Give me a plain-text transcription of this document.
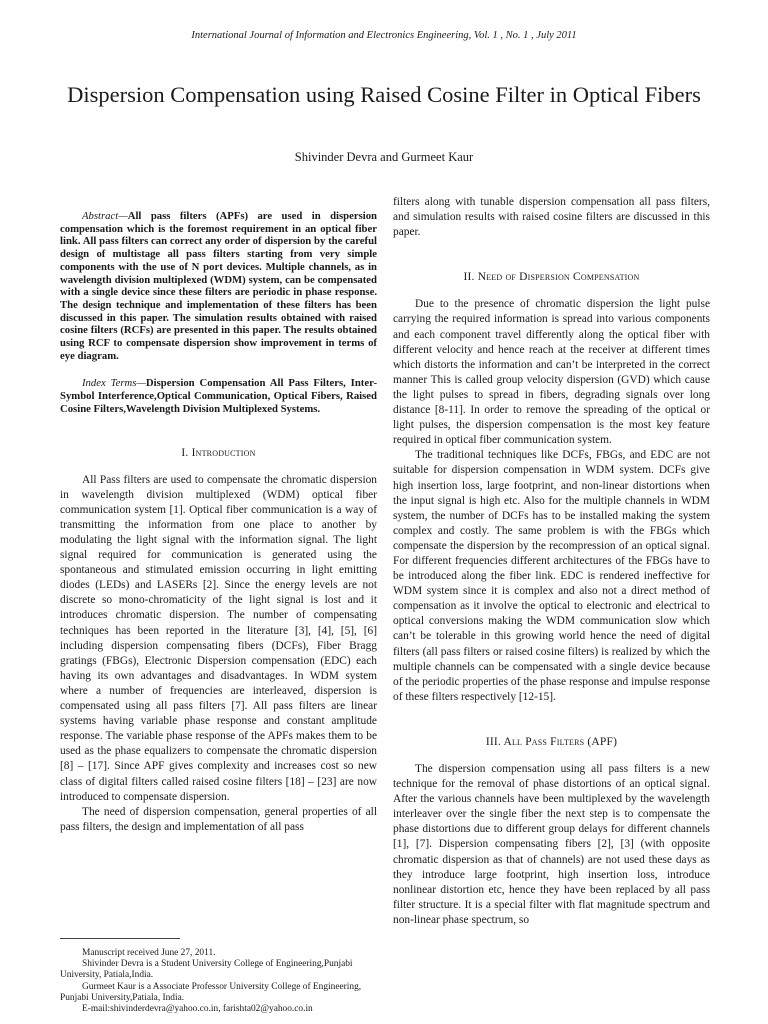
International Journal of Information and Electronics Engineering, Vol. 1 , No. 1 , July 2011
Dispersion Compensation using Raised Cosine Filter in Optical Fibers
Shivinder Devra and Gurmeet Kaur

Abstract—All pass filters (APFs) are used in dispersion compensation which is the foremost requirement in an optical fiber link. All pass filters can correct any order of dispersion by the careful design of multistage all pass filters starting from very simple components with the use of N port devices. Multiple channels, as in wavelength division multiplexed (WDM) system, can be compensated with a single device since these filters are periodic in phase response. The design technique and implementation of these filters has been discussed in this paper. The simulation results obtained with raised cosine filters (RCFs) are presented in this paper. The results obtained using RCF to compensate dispersion show improvement in terms of eye diagram.

Index Terms—Dispersion Compensation All Pass Filters, Inter-Symbol Interference,Optical Communication, Optical Fibers, Raised Cosine Filters,Wavelength Division Multiplexed Systems.

I. Introduction

All Pass filters are used to compensate the chromatic dispersion in wavelength division multiplexed (WDM) optical fiber communication system [1]. Optical fiber communication is a way of transmitting the information from one place to another by modulating the light signal with the information signal. The light signal required for communication is generated using the spontaneous and stimulated emission occurring in light emitting diodes (LEDs) and LASERs [2]. Since the energy levels are not discrete so mono-chromaticity of the light signal is lost and it introduces chromatic dispersion. The number of compensating techniques has been reported in the literature [3], [4], [5], [6] including dispersion compensating fibers (DCFs), Fiber Bragg gratings (FBGs), Electronic Dispersion compensation (EDC) each having its own advantages and disadvantages. In WDM system where a number of frequencies are interleaved, dispersion is compensated using all pass filters [7]. All pass filters are linear systems having variable phase response and constant amplitude response. The variable phase response of the APFs makes them to be used as the phase equalizers to compensate the chromatic dispersion [8] – [17]. Since APF gives complexity and increases cost so new class of digital filters called raised cosine filters [18] – [23] are now introduced to compensate dispersion.

The need of dispersion compensation, general properties of all pass filters, the design and implementation of all pass

Manuscript received June 27, 2011.

Shivinder Devra is a Student University College of Engineering,Punjabi University, Patiala,India.

Gurmeet Kaur is a Associate Professor University College of Engineering, Punjabi University,Patiala, India.

E-mail:shivinderdevra@yahoo.co.in, farishta02@yahoo.co.in

filters along with tunable dispersion compensation all pass filters, and simulation results with raised cosine filters are discussed in this paper.

II. Need of Dispersion Compensation

Due to the presence of chromatic dispersion the light pulse carrying the required information is spread into various components and each component travel differently along the optical fiber with different velocity and hence reach at the receiver at different times which distorts the information and can’t be interpreted in the correct manner This is called group velocity dispersion (GVD) which cause the light pulses to spread in fibers, degrading signals over long distance [8-11]. In order to remove the spreading of the optical or light pulses, the dispersion compensation is the most key feature required in optical fiber communication system.

The traditional techniques like DCFs, FBGs, and EDC are not suitable for dispersion compensation in WDM system. DCFs give high insertion loss, large footprint, and non-linear distortions when the input signal is high etc. Also for the multiple channels in WDM system, the number of DCFs has to be installed making the system complex and costly. The same problem is with the FBGs which compensate the dispersion by the recompression of an optical signal. For different frequencies different architectures of the FBGs have to be introduced along the fiber link. EDC is rendered ineffective for WDM system since it is complex and also not a direct method of compensation as it involve the optical to electronic and electrical to optical conversions making the WDM communication slow which can’t be tolerable in this growing world hence the need of digital filters (all pass filters or raised cosine filters) is realized by which the multiple channels can be compensated with a single device because of the periodic properties of the phase response and impulse response of these filters respectively [12-15].

III. All Pass Filters (APF)

The dispersion compensation using all pass filters is a new technique for the removal of phase distortions of an optical signal. After the various channels have been multiplexed by the wavelength interleaver over the single fiber the next step is to compensate the phase distortions due to different group delays for different channels [1], [7]. Dispersion compensating fibers [2], [3] (with opposite chromatic dispersion as that of channels) are not used these days as they introduce large footprint, high insertion loss, introduce nonlinear distortion etc, hence they have been replaced by all pass filter structure. It is a special filter with flat magnitude spectrum and non-linear phase spectrum, so
